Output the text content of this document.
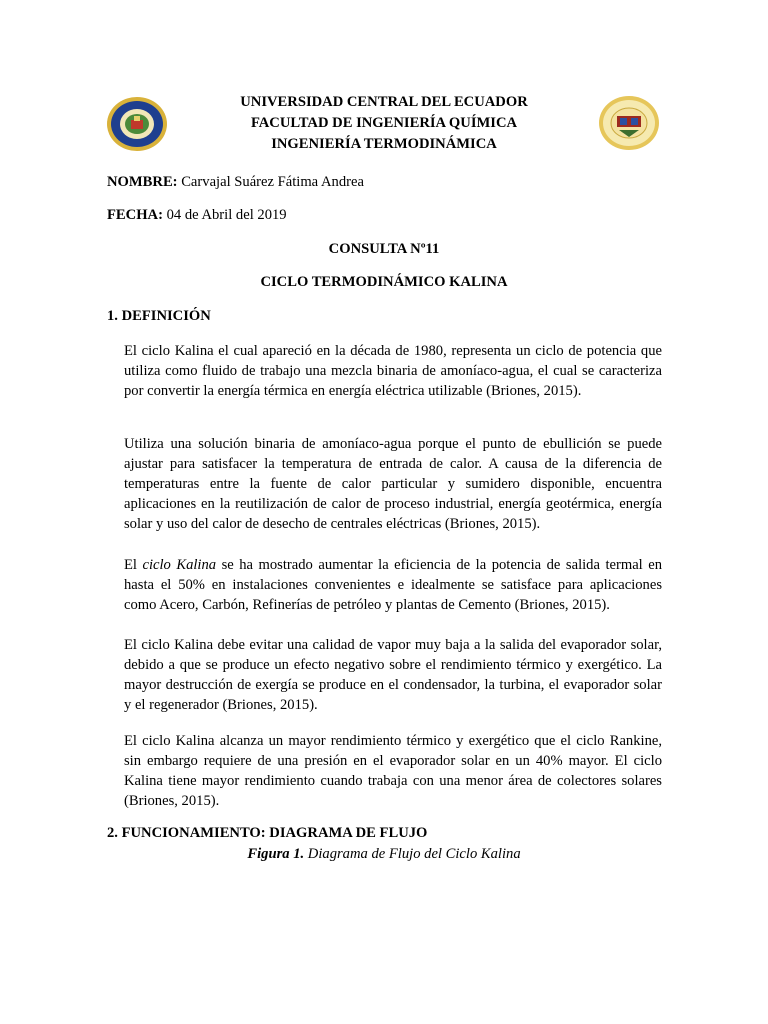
UNIVERSIDAD CENTRAL DEL ECUADOR
FACULTAD DE INGENIERÍA QUÍMICA
INGENIERÍA TERMODINÁMICA
NOMBRE: Carvajal Suárez Fátima Andrea
FECHA: 04 de Abril del 2019
CONSULTA Nº11
CICLO TERMODINÁMICO KALINA
1. DEFINICIÓN

El ciclo Kalina el cual apareció en la década de 1980, representa un ciclo de potencia que utiliza como fluido de trabajo una mezcla binaria de amoníaco-agua, el cual se caracteriza por convertir la energía térmica en energía eléctrica utilizable (Briones, 2015).

Utiliza una solución binaria de amoníaco-agua porque el punto de ebullición se puede ajustar para satisfacer la temperatura de entrada de calor. A causa de la diferencia de temperaturas entre la fuente de calor particular y sumidero disponible, encuentra aplicaciones en la reutilización de calor de proceso industrial, energía geotérmica, energía solar y uso del calor de desecho de centrales eléctricas (Briones, 2015).

El ciclo Kalina se ha mostrado aumentar la eficiencia de la potencia de salida termal en hasta el 50% en instalaciones convenientes e idealmente se satisface para aplicaciones como Acero, Carbón, Refinerías de petróleo y plantas de Cemento (Briones, 2015).

El ciclo Kalina debe evitar una calidad de vapor muy baja a la salida del evaporador solar, debido a que se produce un efecto negativo sobre el rendimiento térmico y exergético. La mayor destrucción de exergía se produce en el condensador, la turbina, el evaporador solar y el regenerador (Briones, 2015).

El ciclo Kalina alcanza un mayor rendimiento térmico y exergético que el ciclo Rankine, sin embargo requiere de una presión en el evaporador solar en un 40% mayor. El ciclo Kalina tiene mayor rendimiento cuando trabaja con una menor área de colectores solares (Briones, 2015).

2. FUNCIONAMIENTO: DIAGRAMA DE FLUJO
Figura 1. Diagrama de Flujo del Ciclo Kalina
